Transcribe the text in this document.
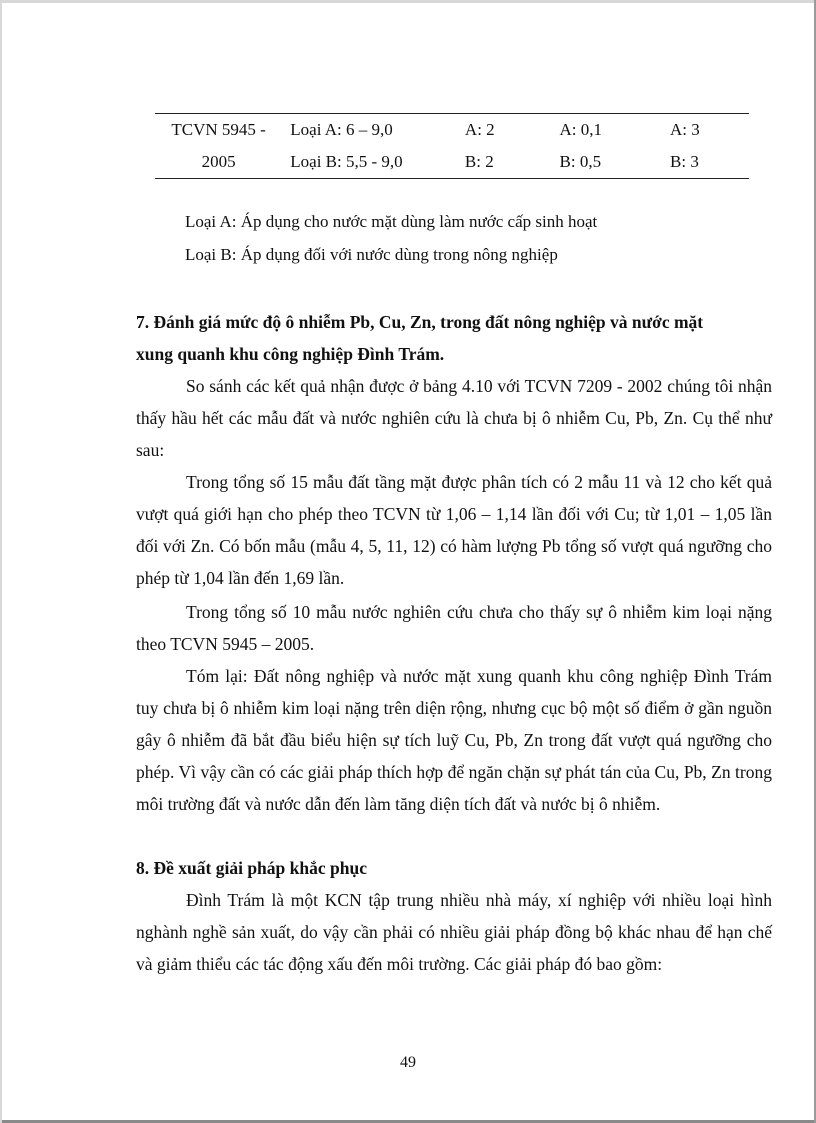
TCVN 5945 -	Loại A: 6 – 9,0	A: 2	A: 0,1	A: 3
2005	Loại B: 5,5 - 9,0	B: 2	B: 0,5	B: 3
Loại A: Áp dụng cho nước mặt dùng làm nước cấp sinh hoạt
Loại B: Áp dụng đối với nước dùng trong nông nghiệp
7. Đánh giá mức độ ô nhiễm Pb, Cu, Zn, trong đất nông nghiệp và nước mặt
xung quanh khu công nghiệp Đình Trám.

So sánh các kết quả nhận được ở bảng 4.10 với TCVN 7209 - 2002 chúng tôi nhận thấy hầu hết các mẫu đất và nước nghiên cứu là chưa bị ô nhiễm Cu, Pb, Zn. Cụ thể như sau:

Trong tổng số 15 mẫu đất tầng mặt được phân tích có 2 mẫu 11 và 12 cho kết quả vượt quá giới hạn cho phép theo TCVN từ 1,06 – 1,14 lần đối với Cu; từ 1,01 – 1,05 lần đối với Zn. Có bốn mẫu (mẫu 4, 5, 11, 12) có hàm lượng Pb tổng số vượt quá ngưỡng cho phép từ 1,04 lần đến 1,69 lần.

Trong tổng số 10 mẫu nước nghiên cứu chưa cho thấy sự ô nhiễm kim loại nặng theo TCVN 5945 – 2005.

Tóm lại: Đất nông nghiệp và nước mặt xung quanh khu công nghiệp Đình Trám tuy chưa bị ô nhiễm kim loại nặng trên diện rộng, nhưng cục bộ một số điểm ở gần nguồn gây ô nhiễm đã bắt đầu biểu hiện sự tích luỹ Cu, Pb, Zn trong đất vượt quá ngưỡng cho phép. Vì vậy cần có các giải pháp thích hợp để ngăn chặn sự phát tán của Cu, Pb, Zn trong môi trường đất và nước dẫn đến làm tăng diện tích đất và nước bị ô nhiễm.

8. Đề xuất giải pháp khắc phục

Đình Trám là một KCN tập trung nhiều nhà máy, xí nghiệp với nhiều loại hình nghành nghề sản xuất, do vậy cần phải có nhiều giải pháp đồng bộ khác nhau để hạn chế và giảm thiểu các tác động xấu đến môi trường. Các giải pháp đó bao gồm:

49
